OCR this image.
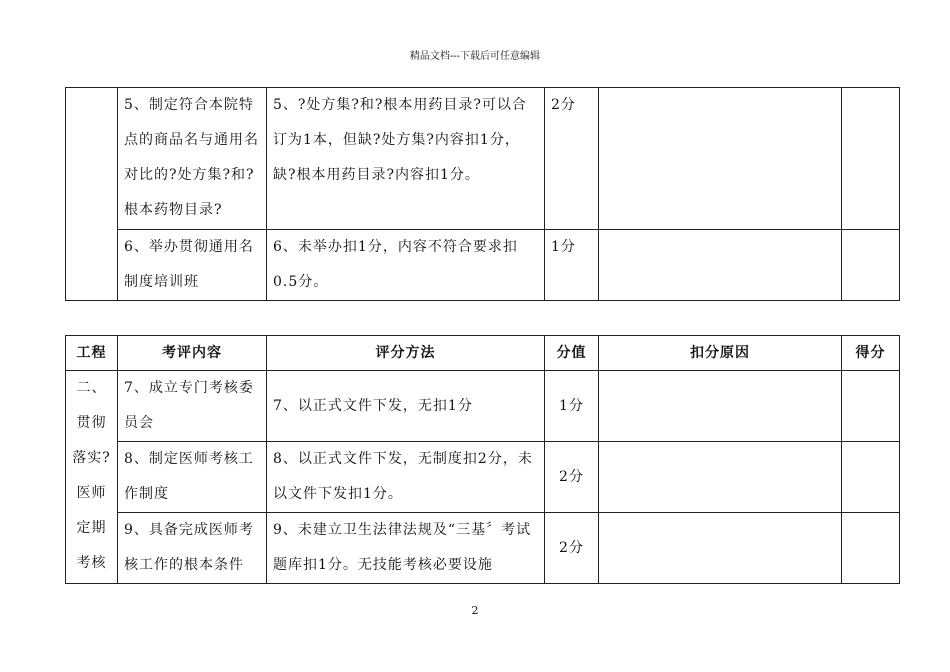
精品文档---下载后可任意编辑
	5、制定符合本院特点的商品名与通用名对比的?处方集?和?根本药物目录?	5、?处方集?和?根本用药目录?可以合订为1本，但缺?处方集?内容扣1分，缺?根本用药目录?内容扣1分。	2分		
	6、举办贯彻通用名制度培训班	6、未举办扣1分，内容不符合要求扣0.5分。	1分		
工程	考评内容	评分方法	分值	扣分原因	得分
二、贯彻落实?医师定期考核	7、成立专门考核委员会	7、以正式文件下发，无扣1分	1分		
	8、制定医师考核工作制度	8、以正式文件下发，无制度扣2分，未以文件下发扣1分。	2分		
	9、具备完成医师考核工作的根本条件	9、未建立卫生法律法规及“三基〞考试题库扣1分。无技能考核必要设施	2分		
2
